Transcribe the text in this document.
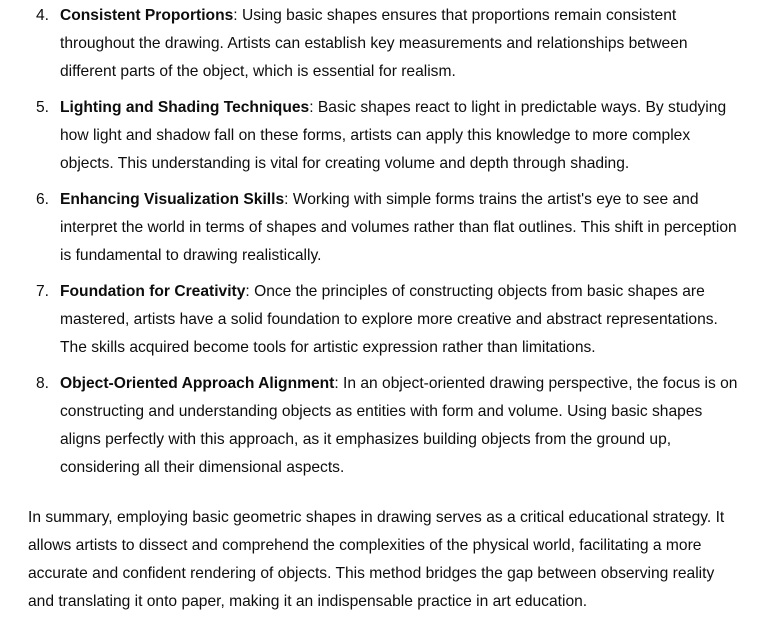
4. Consistent Proportions: Using basic shapes ensures that proportions remain consistent throughout the drawing. Artists can establish key measurements and relationships between different parts of the object, which is essential for realism.
5. Lighting and Shading Techniques: Basic shapes react to light in predictable ways. By studying how light and shadow fall on these forms, artists can apply this knowledge to more complex objects. This understanding is vital for creating volume and depth through shading.
6. Enhancing Visualization Skills: Working with simple forms trains the artist's eye to see and interpret the world in terms of shapes and volumes rather than flat outlines. This shift in perception is fundamental to drawing realistically.
7. Foundation for Creativity: Once the principles of constructing objects from basic shapes are mastered, artists have a solid foundation to explore more creative and abstract representations. The skills acquired become tools for artistic expression rather than limitations.
8. Object-Oriented Approach Alignment: In an object-oriented drawing perspective, the focus is on constructing and understanding objects as entities with form and volume. Using basic shapes aligns perfectly with this approach, as it emphasizes building objects from the ground up, considering all their dimensional aspects.

In summary, employing basic geometric shapes in drawing serves as a critical educational strategy. It allows artists to dissect and comprehend the complexities of the physical world, facilitating a more accurate and confident rendering of objects. This method bridges the gap between observing reality and translating it onto paper, making it an indispensable practice in art education.
